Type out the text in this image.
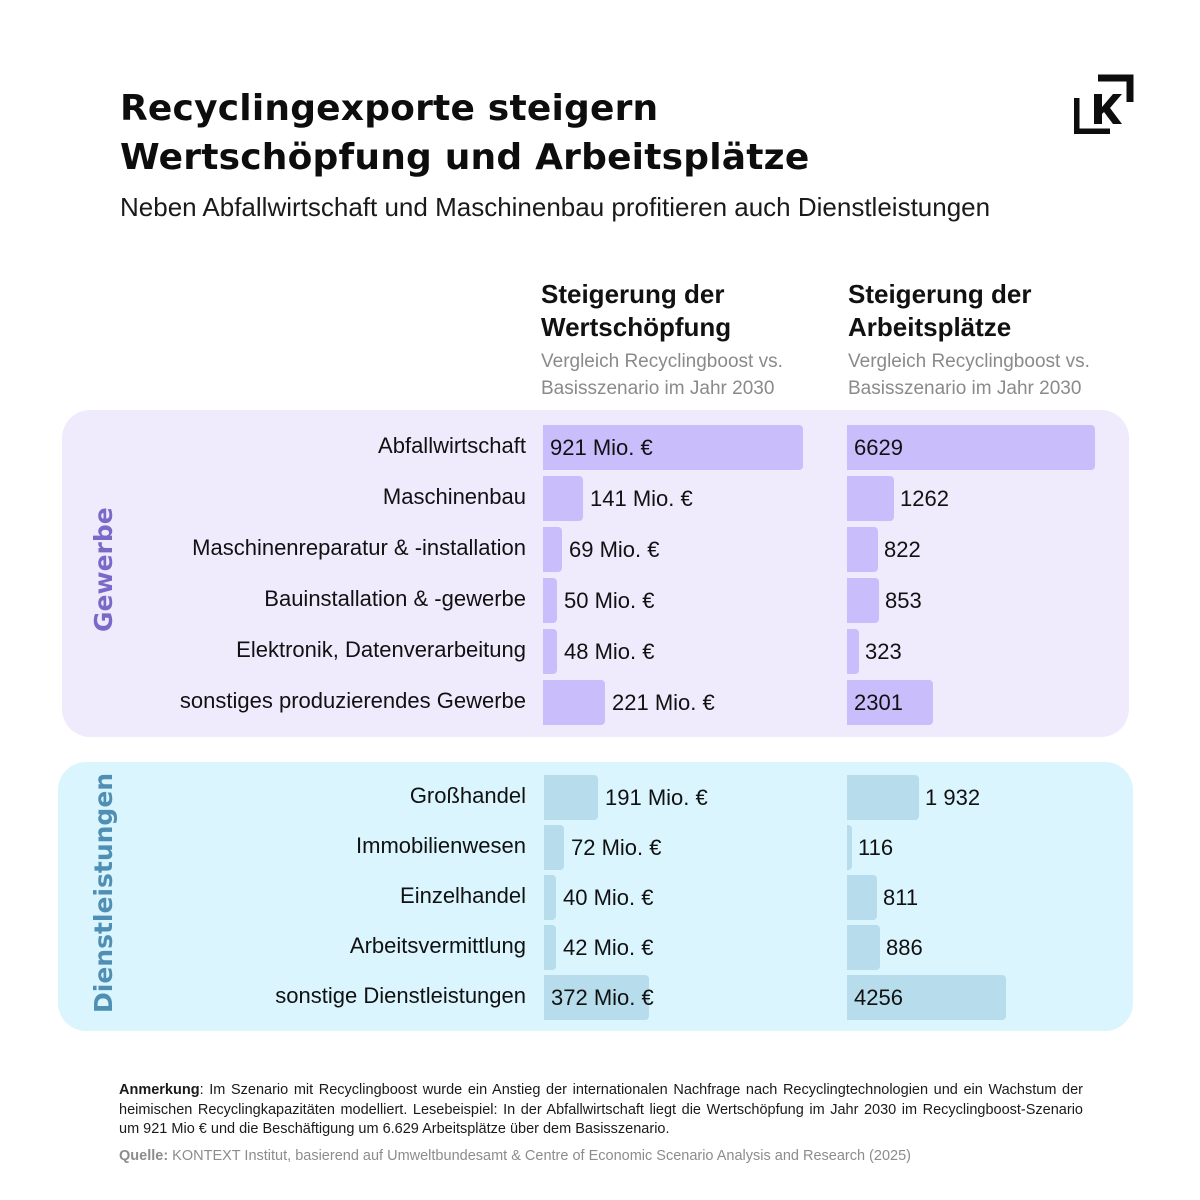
Recyclingexporte steigern
Wertschöpfung und Arbeitsplätze
Neben Abfallwirtschaft und Maschinenbau profitieren auch Dienstleistungen
Steigerung der
Wertschöpfung
Vergleich Recyclingboost vs.
Basisszenario im Jahr 2030
Steigerung der
Arbeitsplätze
Vergleich Recyclingboost vs.
Basisszenario im Jahr 2030
Gewerbe
Dienstleistungen
Abfallwirtschaft 921 Mio. €	6629
Maschinenbau	141 Mio. €	1262
Maschinenreparatur & -installation 69 Mio. €	822
Bauinstallation & -gewerbe 50 Mio. €	853
Elektronik, Datenverarbeitung 48 Mio. €	323
sonstiges produzierendes Gewerbe	221 Mio. €	2301
Großhandel	191 Mio. €	1 932
Immobilienwesen 72 Mio. €	116
Einzelhandel 40 Mio. €	811
Arbeitsvermittlung 42 Mio. €	886
sonstige Dienstleistungen 372 Mio. €	4256
Anmerkung: Im Szenario mit Recyclingboost wurde ein Anstieg der internationalen Nachfrage nach Recyclingtechnologien und ein Wachstum der heimischen Recyclingkapazitäten modelliert. Lesebeispiel: In der Abfallwirtschaft liegt die Wertschöpfung im Jahr 2030 im Recyclingboost-Szenario um 921 Mio € und die Beschäftigung um 6.629 Arbeitsplätze über dem Basisszenario.
Quelle: KONTEXT Institut, basierend auf Umweltbundesamt & Centre of Economic Scenario Analysis and Research (2025)
